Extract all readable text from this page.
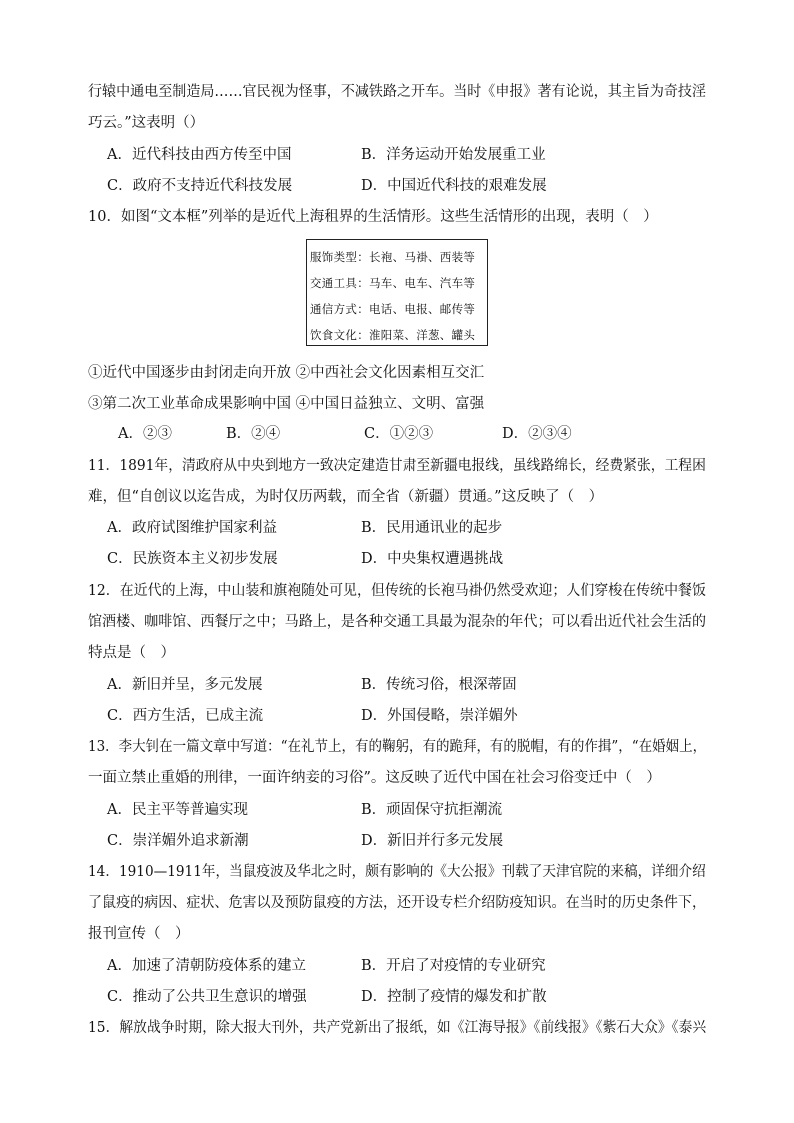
行辕中通电至制造局……官民视为怪事，不减铁路之开车。当时《申报》著有论说，其主旨为奇技淫
巧云。”这表明（）
A．近代科技由西方传至中国	B．洋务运动开始发展重工业
C．政府不支持近代科技发展	D．中国近代科技的艰难发展
10．如图“文本框”列举的是近代上海租界的生活情形。这些生活情形的出现，表明（　）
服饰类型：长袍、马褂、西装等
交通工具：马车、电车、汽车等
通信方式：电话、电报、邮传等
饮食文化：淮阳菜、洋葱、罐头
①近代中国逐步由封闭走向开放 ②中西社会文化因素相互交汇
③第二次工业革命成果影响中国 ④中国日益独立、文明、富强
A．②③	B．②④	C．①②③	D．②③④
11．1891年，清政府从中央到地方一致决定建造甘肃至新疆电报线，虽线路绵长，经费紧张，工程困
难，但“自创议以迄告成，为时仅历两载，而全省（新疆）贯通。”这反映了（　）
A．政府试图维护国家利益	B．民用通讯业的起步
C．民族资本主义初步发展	D．中央集权遭遇挑战
12．在近代的上海，中山装和旗袍随处可见，但传统的长袍马褂仍然受欢迎；人们穿梭在传统中餐饭
馆酒楼、咖啡馆、西餐厅之中；马路上，是各种交通工具最为混杂的年代；可以看出近代社会生活的
特点是（　）
A．新旧并呈，多元发展	B．传统习俗，根深蒂固
C．西方生活，已成主流	D．外国侵略，崇洋媚外
13．李大钊在一篇文章中写道：“在礼节上，有的鞠躬，有的跪拜，有的脱帽，有的作揖”，“在婚姻上，
一面立禁止重婚的刑律，一面许纳妾的习俗”。这反映了近代中国在社会习俗变迁中（　）
A．民主平等普遍实现	B．顽固保守抗拒潮流
C．崇洋媚外追求新潮	D．新旧并行多元发展
14．1910—1911年，当鼠疫波及华北之时，颇有影响的《大公报》刊载了天津官院的来稿，详细介绍
了鼠疫的病因、症状、危害以及预防鼠疫的方法，还开设专栏介绍防疫知识。在当时的历史条件下，
报刊宣传（　）
A．加速了清朝防疫体系的建立	B．开启了对疫情的专业研究
C．推动了公共卫生意识的增强	D．控制了疫情的爆发和扩散
15．解放战争时期，除大报大刊外，共产党新出了报纸，如《江海导报》《前线报》《紫石大众》《泰兴
